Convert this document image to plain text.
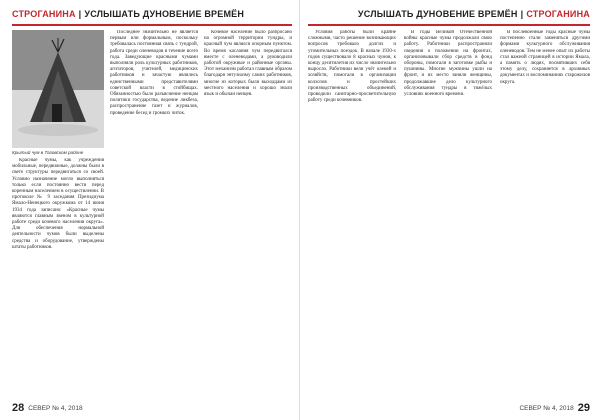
СТРОГАНИНА | УСЛЫШАТЬ ДУНОВЕНИЕ ВРЕМЁН
Крытый чум в Тазовском районе

Красные чумы, как учреждения мобильные, передвижные, должны были в свете структуры передвигаться со своей. Условно назначение могло выполняться только если постоянно вести перед коренным населением в осуществлении. В протоколе № 9 заседания Президиума Ямало-Ненецкого окружкома от 14 июня 1934 года записано: «Красные чумы являются главным звеном в культурной работе среди кочевого населения округа». Для обеспечения нормальной деятельности чумов были выделены средства и оборудование, утверждены штаты работников.

Последнее значительно не является первым или формальным, поскольку требовалась постоянная связь с тундрой, работа среди оленеводов в течение всего года. Заведующие красными чумами выполняли роль культурных работников, агитаторов, учителей, медицинских работников и зачастую являлись единственными представителями советской власти в стойбищах. Обязанностью было разъяснение ненцам политики государства, ведение ликбеза, распространение газет и журналов, проведение бесед и громких читок.

Кочевое население было разбросано на огромной территории тундры, и красный чум являлся опорным пунктом. Во время каслания чум передвигался вместе с оленеводами, а руководили работой окружные и районные органы. Этот механизм работал главным образом благодаря энтузиазму самих работников, многие из которых были выходцами из местного населения и хорошо знали язык и обычаи ненцев.

28 СЕВЕР № 4, 2018
УСЛЫШАТЬ ДУНОВЕНИЕ ВРЕМЁН | СТРОГАНИНА

Условия работы были крайне сложными, часто решение возникающих вопросов требовало долгих и утомительных поездок. В начале 1930-х годов существовало 8 красных чумов, к концу десятилетия их число значительно выросло. Работники вели учёт оленей и хозяйств, помогали в организации колхозов и простейших производственных объединений, проводили санитарно-просветительную работу среди кочевников.

В годы Великой Отечественной войны красные чумы продолжали свою работу. Работники распространяли сведения о положении на фронтах, организовывали сбор средств в фонд обороны, помогали в заготовке рыбы и пушнины. Многие мужчины ушли на фронт, и их место заняли женщины, продолжавшие дело культурного обслуживания тундры в тяжёлых условиях военного времени.

В послевоенные годы красные чумы постепенно стали заменяться другими формами культурного обслуживания оленеводов. Тем не менее опыт их работы стал важной страницей в истории Ямала, а память о людях, посвятивших себя этому делу, сохраняется в архивных документах и воспоминаниях старожилов округа.

СЕВЕР № 4, 2018 29
